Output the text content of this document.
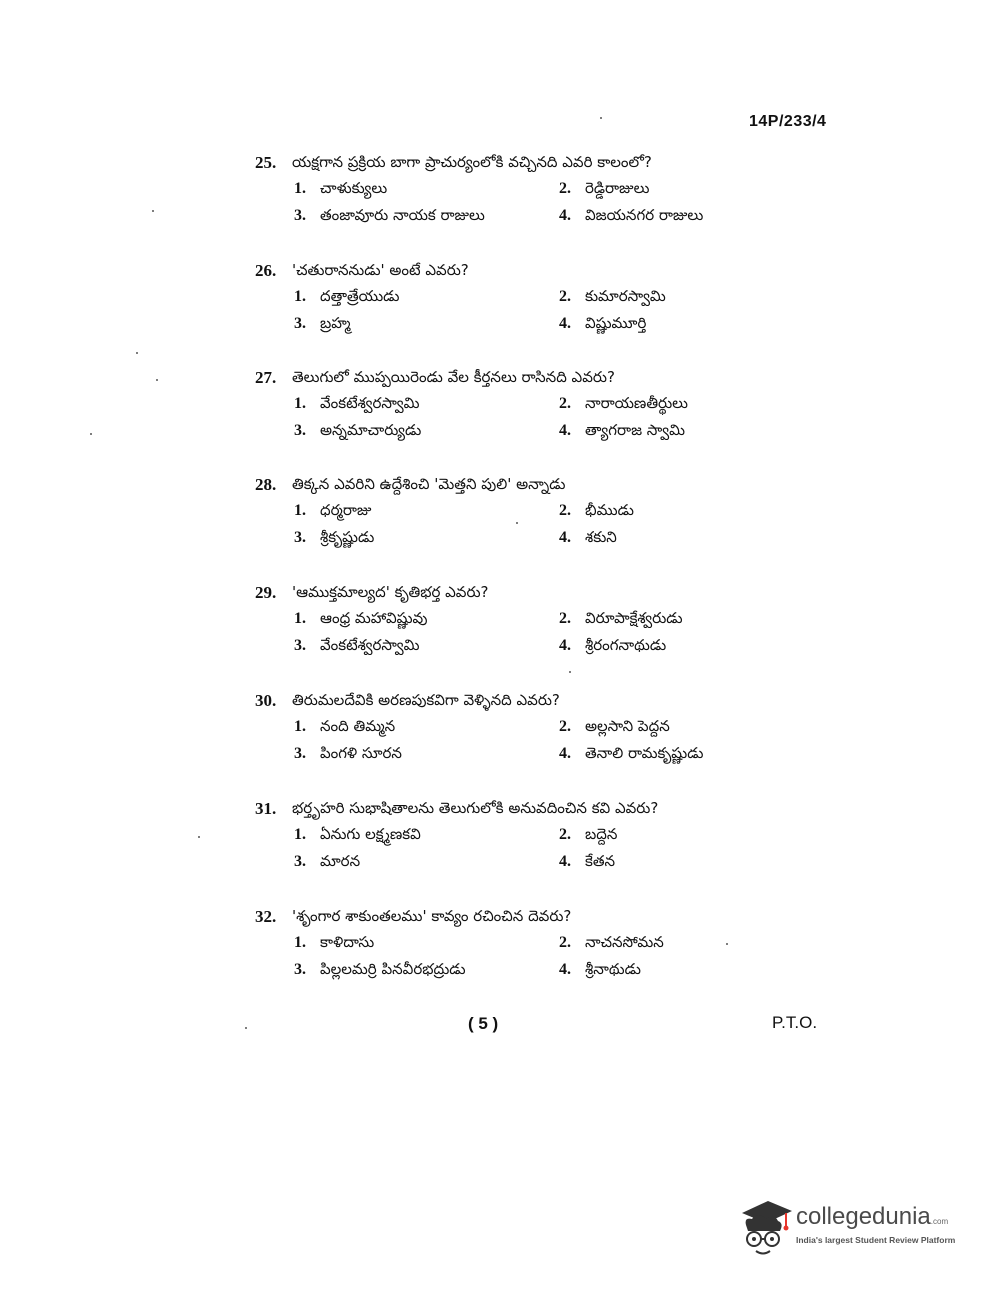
14P/233/4
25. యక్షగాన ప్రక్రియ బాగా ప్రాచుర్యంలోకి వచ్చినది ఎవరి కాలంలో?
1. చాళుక్యులు	2. రెడ్డిరాజులు
3. తంజావూరు నాయక రాజులు	4. విజయనగర రాజులు
26. 'చతురాననుడు' అంటే ఎవరు?
1. దత్తాత్రేయుడు	2. కుమారస్వామి
3. బ్రహ్మ	4. విష్ణుమూర్తి
27. తెలుగులో ముప్పయిరెండు వేల కీర్తనలు రాసినది ఎవరు?
1. వేంకటేశ్వరస్వామి	2. నారాయణతీర్థులు
3. అన్నమాచార్యుడు	4. త్యాగరాజ స్వామి
28. తిక్కన ఎవరిని ఉద్దేశించి 'మెత్తని పులి' అన్నాడు
1. ధర్మరాజు	2. భీముడు
3. శ్రీకృష్ణుడు	4. శకుని
29. 'ఆముక్తమాల్యద' కృతిభర్త ఎవరు?
1. ఆంధ్ర మహావిష్ణువు	2. విరూపాక్షేశ్వరుడు
3. వేంకటేశ్వరస్వామి	4. శ్రీరంగనాథుడు
30. తిరుమలదేవికి అరణపుకవిగా వెళ్ళినది ఎవరు?
1. నంది తిమ్మన	2. అల్లసాని పెద్దన
3. పింగళి సూరన	4. తెనాలి రామకృష్ణుడు
31. భర్తృహరి సుభాషితాలను తెలుగులోకి అనువదించిన కవి ఎవరు?
1. ఏనుగు లక్ష్మణకవి	2. బద్దెన
3. మారన	4. కేతన
32. 'శృంగార శాకుంతలము' కావ్యం రచించిన దెవరు?
1. కాళిదాసు	2. నాచనసోమన
3. పిల్లలమర్రి పినవీరభద్రుడు	4. శ్రీనాథుడు
( 5 )	P.T.O.
collegedunia.com
India's largest Student Review Platform
